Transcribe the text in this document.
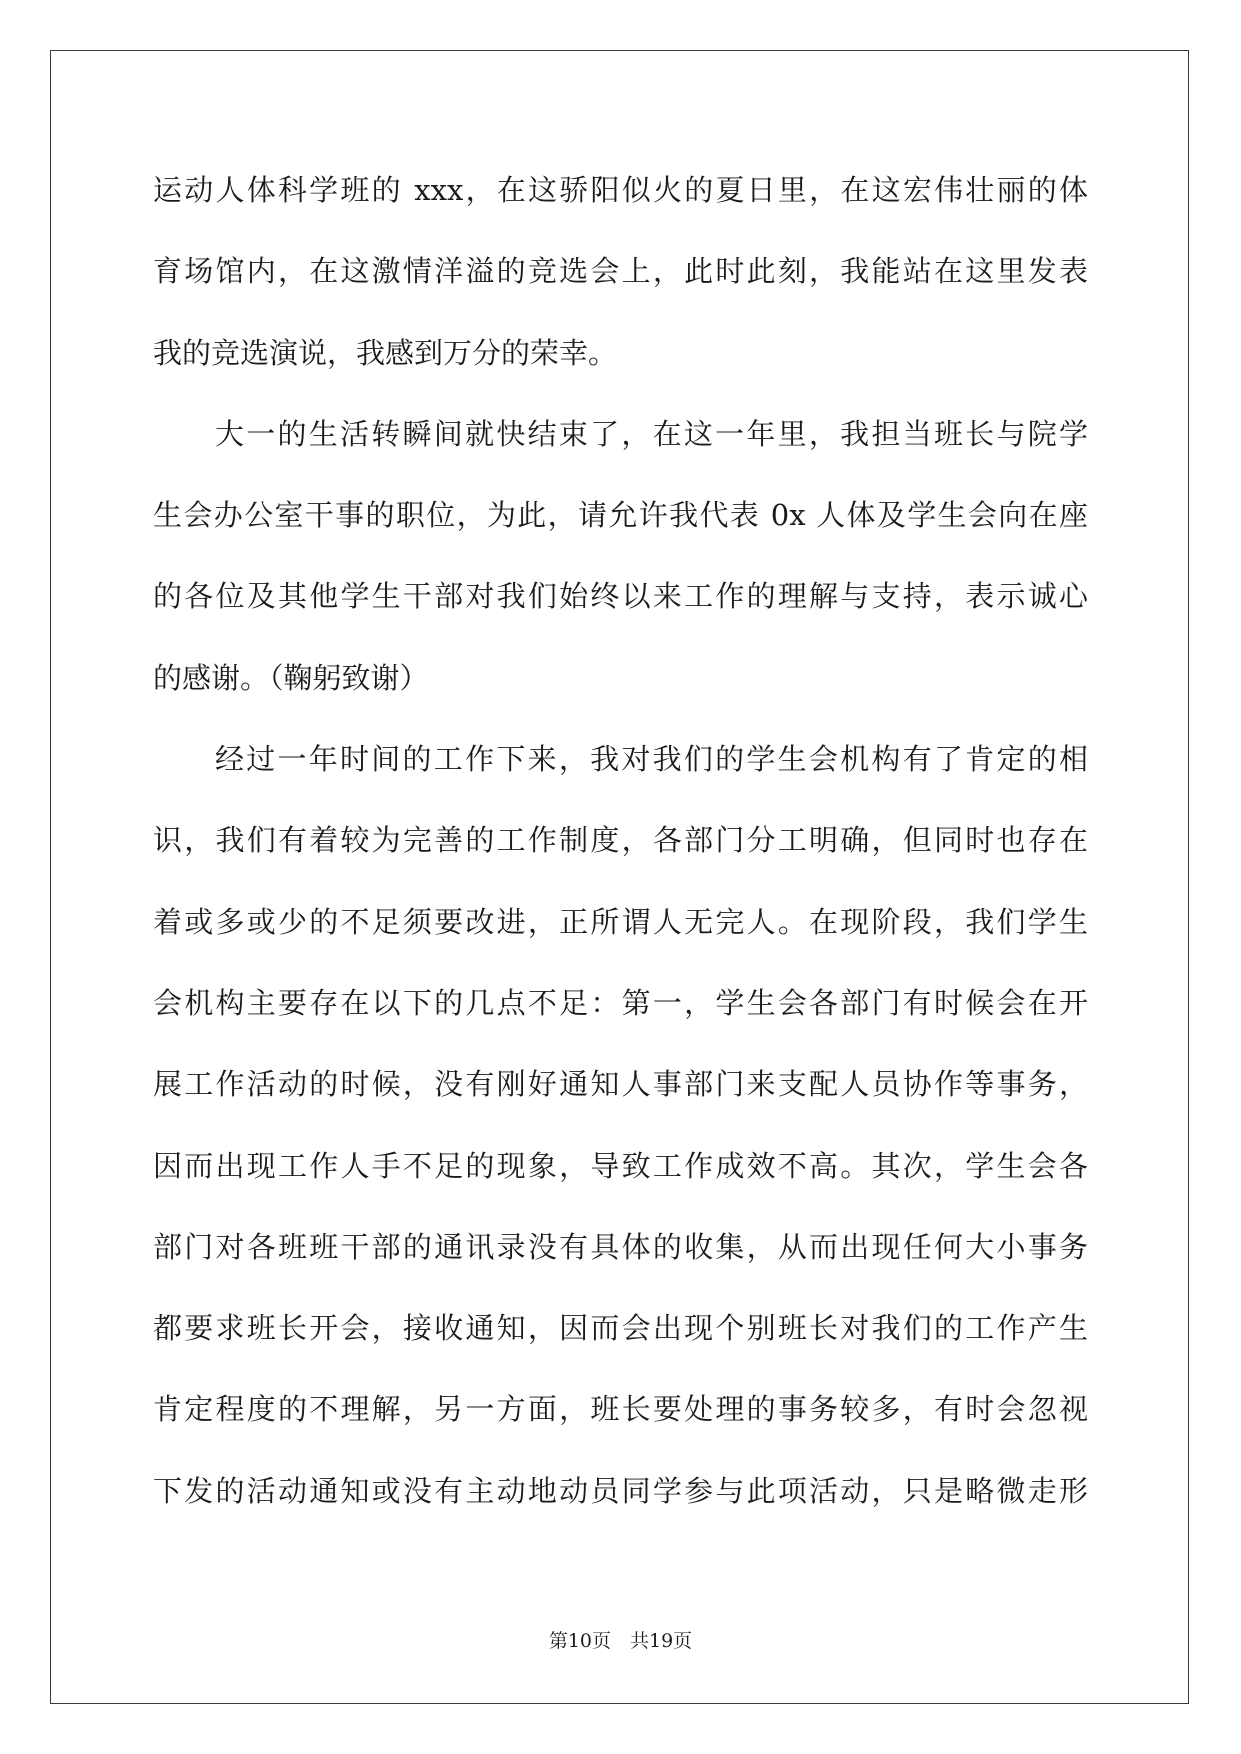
运动人体科学班的 xxx，在这骄阳似火的夏日里，在这宏伟壮丽的体
育场馆内，在这激情洋溢的竞选会上，此时此刻，我能站在这里发表
我的竞选演说，我感到万分的荣幸。
大一的生活转瞬间就快结束了，在这一年里，我担当班长与院学
生会办公室干事的职位，为此，请允许我代表 0x 人体及学生会向在座
的各位及其他学生干部对我们始终以来工作的理解与支持，表示诚心
的感谢。（鞠躬致谢）
经过一年时间的工作下来，我对我们的学生会机构有了肯定的相
识，我们有着较为完善的工作制度，各部门分工明确，但同时也存在
着或多或少的不足须要改进，正所谓人无完人。在现阶段，我们学生
会机构主要存在以下的几点不足：第一，学生会各部门有时候会在开
展工作活动的时候，没有刚好通知人事部门来支配人员协作等事务，
因而出现工作人手不足的现象，导致工作成效不高。其次，学生会各
部门对各班班干部的通讯录没有具体的收集，从而出现任何大小事务
都要求班长开会，接收通知，因而会出现个别班长对我们的工作产生
肯定程度的不理解，另一方面，班长要处理的事务较多，有时会忽视
下发的活动通知或没有主动地动员同学参与此项活动，只是略微走形
第10页　共19页
